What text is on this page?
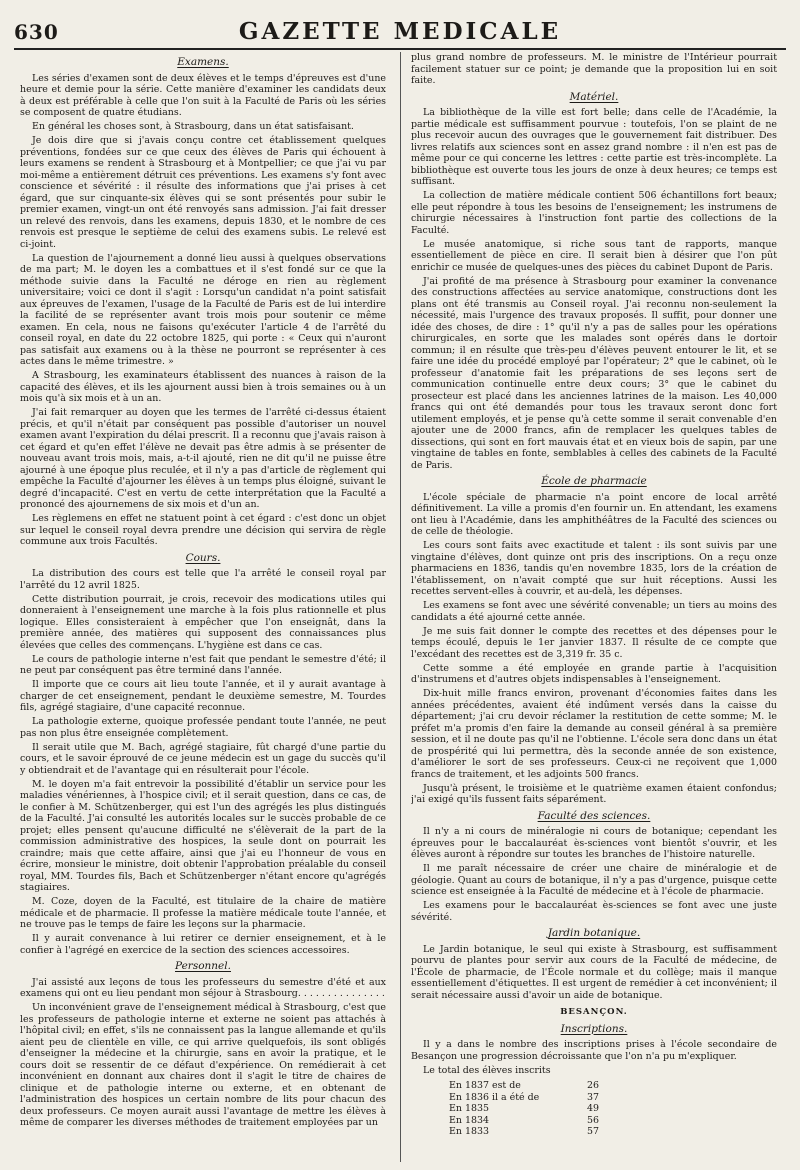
630	GAZETTE MEDICALE
Examens.

Les séries d'examen sont de deux élèves et le temps d'épreuves est d'une heure et demie pour la série. Cette manière d'examiner les candidats deux à deux est préférable à celle que l'on suit à la Faculté de Paris où les séries se composent de quatre étudians.

En général les choses sont, à Strasbourg, dans un état satisfaisant.

Je dois dire que si j'avais conçu contre cet établissement quelques préventions, fondées sur ce que ceux des élèves de Paris qui échouent à leurs examens se rendent à Strasbourg et à Montpellier; ce que j'ai vu par moi-même a entièrement détruit ces préventions. Les examens s'y font avec conscience et sévérité : il résulte des informations que j'ai prises à cet égard, que sur cinquante-six élèves qui se sont présentés pour subir le premier examen, vingt-un ont été renvoyés sans admission. J'ai fait dresser un relevé des renvois, dans les examens, depuis 1830, et le nombre de ces renvois est presque le septième de celui des examens subis. Le relevé est ci-joint.

La question de l'ajournement a donné lieu aussi à quelques observations de ma part; M. le doyen les a combattues et il s'est fondé sur ce que la méthode suivie dans la Faculté ne déroge en rien au règlement universitaire; voici ce dont il s'agit : Lorsqu'un candidat n'a point satisfait aux épreuves de l'examen, l'usage de la Faculté de Paris est de lui interdire la facilité de se représenter avant trois mois pour soutenir ce même examen. En cela, nous ne faisons qu'exécuter l'article 4 de l'arrêté du conseil royal, en date du 22 octobre 1825, qui porte : « Ceux qui n'auront pas satisfait aux examens ou à la thèse ne pourront se représenter à ces actes dans le même trimestre. »

A Strasbourg, les examinateurs établissent des nuances à raison de la capacité des élèves, et ils les ajournent aussi bien à trois semaines ou à un mois qu'à six mois et à un an.

J'ai fait remarquer au doyen que les termes de l'arrêté ci-dessus étaient précis, et qu'il n'était par conséquent pas possible d'autoriser un nouvel examen avant l'expiration du délai prescrit. Il a reconnu que j'avais raison à cet égard et qu'en effet l'élève ne devait pas être admis à se présenter de nouveau avant trois mois, mais, a-t-il ajouté, rien ne dit qu'il ne puisse être ajourné à une époque plus reculée, et il n'y a pas d'article de règlement qui empêche la Faculté d'ajourner les élèves à un temps plus éloigné, suivant le degré d'incapacité. C'est en vertu de cette interprétation que la Faculté a prononcé des ajournemens de six mois et d'un an.

Les règlemens en effet ne statuent point à cet égard : c'est donc un objet sur lequel le conseil royal devra prendre une décision qui servira de règle commune aux trois Facultés.

Cours.

La distribution des cours est telle que l'a arrêté le conseil royal par l'arrêté du 12 avril 1825.

Cette distribution pourrait, je crois, recevoir des modications utiles qui donneraient à l'enseignement une marche à la fois plus rationnelle et plus logique. Elles consisteraient à empêcher que l'on enseignât, dans la première année, des matières qui supposent des connaissances plus élevées que celles des commençans. L'hygiène est dans ce cas.

Le cours de pathologie interne n'est fait que pendant le semestre d'été; il ne peut par conséquent pas être terminé dans l'année.

Il importe que ce cours ait lieu toute l'année, et il y aurait avantage à charger de cet enseignement, pendant le deuxième semestre, M. Tourdes fils, agrégé stagiaire, d'une capacité reconnue.

La pathologie externe, quoique professée pendant toute l'année, ne peut pas non plus être enseignée complètement.

Il serait utile que M. Bach, agrégé stagiaire, fût chargé d'une partie du cours, et le savoir éprouvé de ce jeune médecin est un gage du succès qu'il y obtiendrait et de l'avantage qui en résulterait pour l'école.

M. le doyen m'a fait entrevoir la possibilité d'établir un service pour les maladies vénériennes, à l'hospice civil; et il serait question, dans ce cas, de le confier à M. Schützenberger, qui est l'un des agrégés les plus distingués de la Faculté. J'ai consulté les autorités locales sur le succès probable de ce projet; elles pensent qu'aucune difficulté ne s'élèverait de la part de la commission administrative des hospices, la seule dont on pourrait les craindre; mais que cette affaire, ainsi que j'ai eu l'honneur de vous en écrire, monsieur le ministre, doit obtenir l'approbation préalable du conseil royal, MM. Tourdes fils, Bach et Schützenberger n'étant encore qu'agrégés stagiaires.

M. Coze, doyen de la Faculté, est titulaire de la chaire de matière médicale et de pharmacie. Il professe la matière médicale toute l'année, et ne trouve pas le temps de faire les leçons sur la pharmacie.

Il y aurait convenance à lui retirer ce dernier enseignement, et à le confier à l'agrégé en exercice de la section des sciences accessoires.

Personnel.

J'ai assisté aux leçons de tous les professeurs du semestre d'été et aux examens qui ont eu lieu pendant mon séjour à Strasbourg. . . . . . . . . . . . . . .

Un inconvénient grave de l'enseignement médical à Strasbourg, c'est que les professeurs de pathologie interne et externe ne soient pas attachés à l'hôpital civil; en effet, s'ils ne connaissent pas la langue allemande et qu'ils aient peu de clientèle en ville, ce qui arrive quelquefois, ils sont obligés d'enseigner la médecine et la chirurgie, sans en avoir la pratique, et le cours doit se ressentir de ce défaut d'expérience. On remédierait à cet inconvénient en donnant aux chaires dont il s'agit le titre de chaires de clinique et de pathologie interne ou externe, et en obtenant de l'administration des hospices un certain nombre de lits pour chacun des deux professeurs. Ce moyen aurait aussi l'avantage de mettre les élèves à même de comparer les diverses méthodes de traitement employées par un

plus grand nombre de professeurs. M. le ministre de l'Intérieur pourrait facilement statuer sur ce point; je demande que la proposition lui en soit faite.

Matériel.

La bibliothèque de la ville est fort belle; dans celle de l'Académie, la partie médicale est suffisamment pourvue : toutefois, l'on se plaint de ne plus recevoir aucun des ouvrages que le gouvernement fait distribuer. Des livres relatifs aux sciences sont en assez grand nombre : il n'en est pas de même pour ce qui concerne les lettres : cette partie est très-incomplète. La bibliothèque est ouverte tous les jours de onze à deux heures; ce temps est suffisant.

La collection de matière médicale contient 506 échantillons fort beaux; elle peut répondre à tous les besoins de l'enseignement; les instrumens de chirurgie nécessaires à l'instruction font partie des collections de la Faculté.

Le musée anatomique, si riche sous tant de rapports, manque essentiellement de pièce en cire. Il serait bien à désirer que l'on pût enrichir ce musée de quelques-unes des pièces du cabinet Dupont de Paris.

J'ai profité de ma présence à Strasbourg pour examiner la convenance des constructions affectées au service anatomique, constructions dont les plans ont été transmis au Conseil royal. J'ai reconnu non-seulement la nécessité, mais l'urgence des travaux proposés. Il suffit, pour donner une idée des choses, de dire : 1° qu'il n'y a pas de salles pour les opérations chirurgicales, en sorte que les malades sont opérés dans le dortoir commun; il en résulte que très-peu d'élèves peuvent entourer le lit, et se faire une idée du procédé employé par l'opérateur; 2° que le cabinet, où le professeur d'anatomie fait les préparations de ses leçons sert de communication continuelle entre deux cours; 3° que le cabinet du prosecteur est placé dans les anciennes latrines de la maison. Les 40,000 francs qui ont été demandés pour tous les travaux seront donc fort utilement employés, et je pense qu'à cette somme il serait convenable d'en ajouter une de 2000 francs, afin de remplacer les quelques tables de dissections, qui sont en fort mauvais état et en vieux bois de sapin, par une vingtaine de tables en fonte, semblables à celles des cabinets de la Faculté de Paris.

École de pharmacie

L'école spéciale de pharmacie n'a point encore de local arrêté définitivement. La ville a promis d'en fournir un. En attendant, les examens ont lieu à l'Académie, dans les amphithéâtres de la Faculté des sciences ou de celle de théologie.

Les cours sont faits avec exactitude et talent : ils sont suivis par une vingtaine d'élèves, dont quinze ont pris des inscriptions. On a reçu onze pharmaciens en 1836, tandis qu'en novembre 1835, lors de la création de l'établissement, on n'avait compté que sur huit réceptions. Aussi les recettes servent-elles à couvrir, et au-delà, les dépenses.

Les examens se font avec une sévérité convenable; un tiers au moins des candidats a été ajourné cette année.

Je me suis fait donner le compte des recettes et des dépenses pour le temps écoulé, depuis le 1er janvier 1837. Il résulte de ce compte que l'excédant des recettes est de 3,319 fr. 35 c.

Cette somme a été employée en grande partie à l'acquisition d'instrumens et d'autres objets indispensables à l'enseignement.

Dix-huit mille francs environ, provenant d'économies faites dans les années précédentes, avaient été indûment versés dans la caisse du département; j'ai cru devoir réclamer la restitution de cette somme; M. le préfet m'a promis d'en faire la demande au conseil général à sa première session, et il ne doute pas qu'il ne l'obtienne. L'école sera donc dans un état de prospérité qui lui permettra, dès la seconde année de son existence, d'améliorer le sort de ses professeurs. Ceux-ci ne reçoivent que 1,000 francs de traitement, et les adjoints 500 francs.

Jusqu'à présent, le troisième et le quatrième examen étaient confondus; j'ai exigé qu'ils fussent faits séparément.

Faculté des sciences.

Il n'y a ni cours de minéralogie ni cours de botanique; cependant les épreuves pour le baccalauréat ès-sciences vont bientôt s'ouvrir, et les élèves auront à répondre sur toutes les branches de l'histoire naturelle.

Il me paraît nécessaire de créer une chaire de minéralogie et de géologie. Quant au cours de botanique, il n'y a pas d'urgence, puisque cette science est enseignée à la Faculté de médecine et à l'école de pharmacie.

Les examens pour le baccalauréat ès-sciences se font avec une juste sévérité.

Jardin botanique.

Le Jardin botanique, le seul qui existe à Strasbourg, est suffisamment pourvu de plantes pour servir aux cours de la Faculté de médecine, de l'École de pharmacie, de l'École normale et du collège; mais il manque essentiellement d'étiquettes. Il est urgent de remédier à cet inconvénient; il serait nécessaire aussi d'avoir un aide de botanique.

BESANÇON.
Inscriptions.

Il y a dans le nombre des inscriptions prises à l'école secondaire de Besançon une progression décroissante que l'on n'a pu m'expliquer.

Le total des élèves inscrits

En 1837 est de	26
En 1836 il a été de	37
En 1835	49
En 1834	56
En 1833	57
